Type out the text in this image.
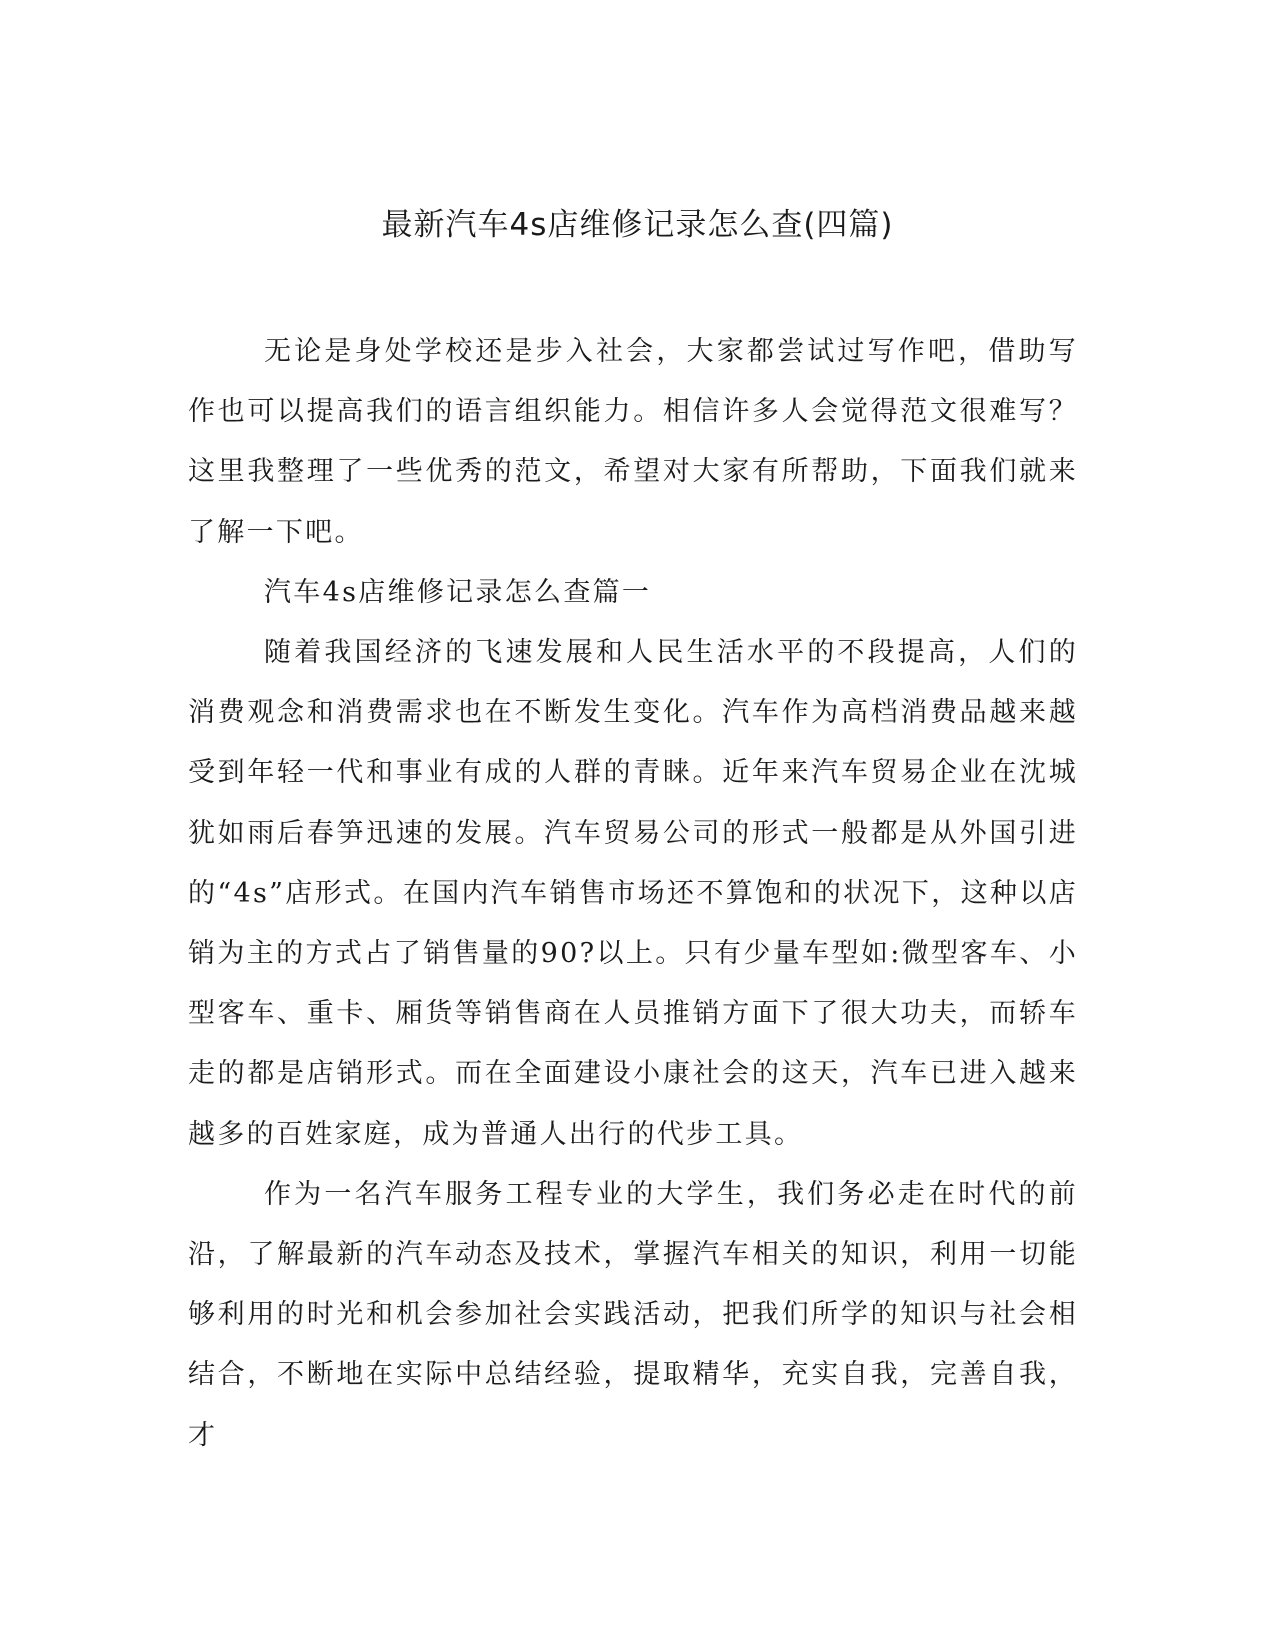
最新汽车4s店维修记录怎么查(四篇)

无论是身处学校还是步入社会，大家都尝试过写作吧，借助写作也可以提高我们的语言组织能力。相信许多人会觉得范文很难写？这里我整理了一些优秀的范文，希望对大家有所帮助，下面我们就来了解一下吧。

汽车4s店维修记录怎么查篇一

随着我国经济的飞速发展和人民生活水平的不段提高，人们的消费观念和消费需求也在不断发生变化。汽车作为高档消费品越来越受到年轻一代和事业有成的人群的青睐。近年来汽车贸易企业在沈城犹如雨后春笋迅速的发展。汽车贸易公司的形式一般都是从外国引进的“4s”店形式。在国内汽车销售市场还不算饱和的状况下，这种以店销为主的方式占了销售量的90?以上。只有少量车型如:微型客车、小型客车、重卡、厢货等销售商在人员推销方面下了很大功夫，而轿车走的都是店销形式。而在全面建设小康社会的这天，汽车已进入越来越多的百姓家庭，成为普通人出行的代步工具。

作为一名汽车服务工程专业的大学生，我们务必走在时代的前沿，了解最新的汽车动态及技术，掌握汽车相关的知识，利用一切能够利用的时光和机会参加社会实践活动，把我们所学的知识与社会相结合，不断地在实际中总结经验，提取精华，充实自我，完善自我，才
